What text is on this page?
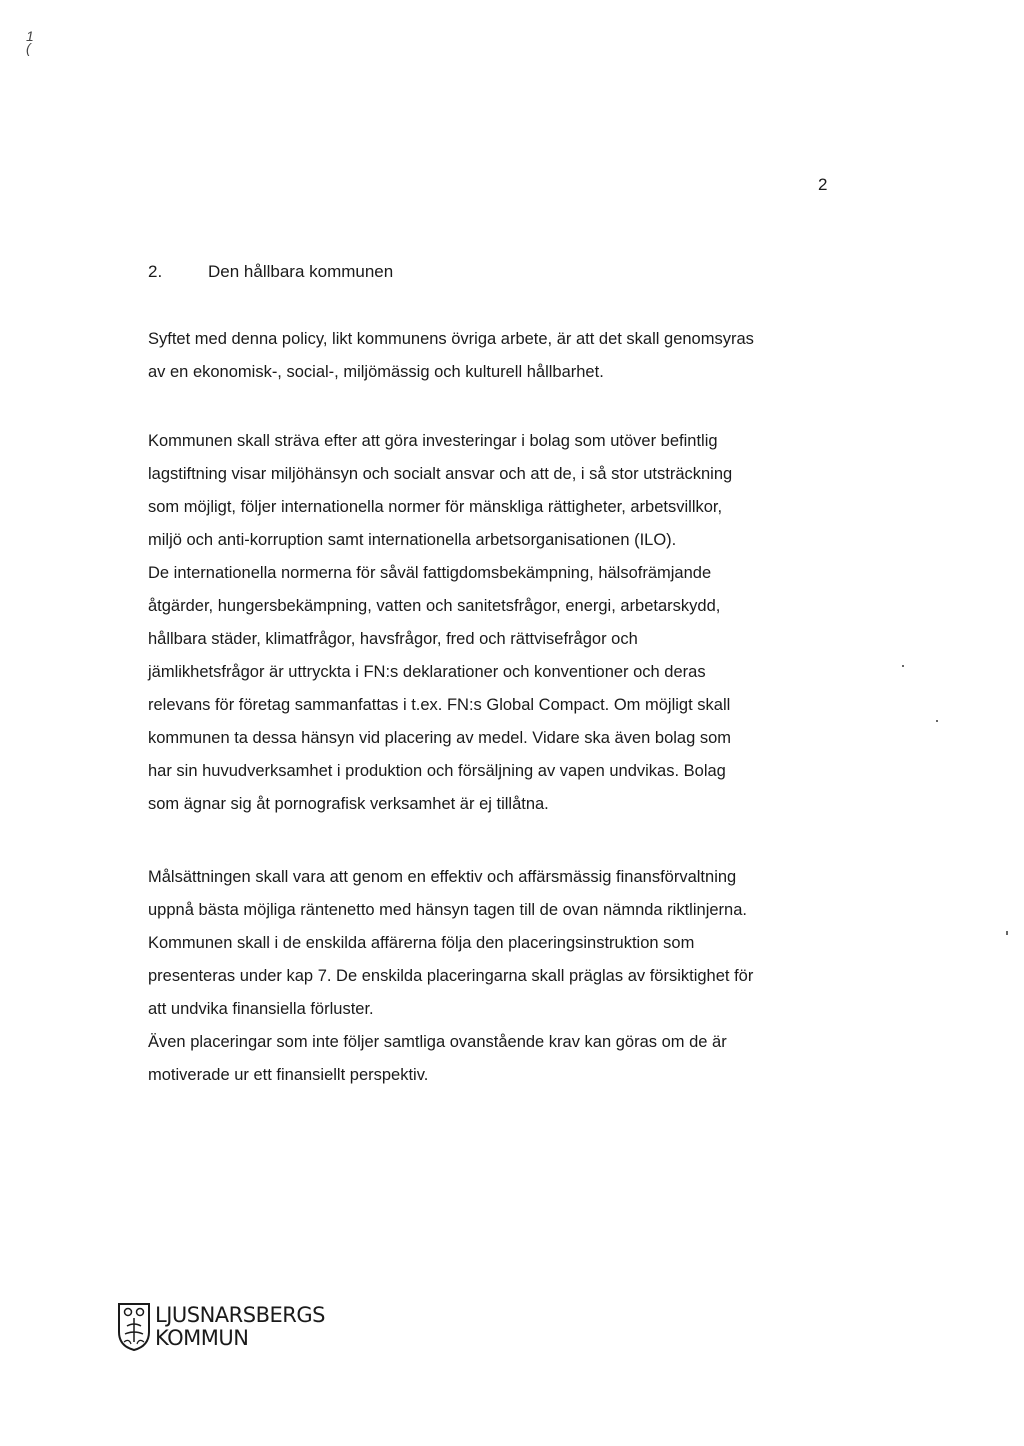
1
(
2
2.	Den hållbara kommunen
Syftet med denna policy, likt kommunens övriga arbete, är att det skall genomsyras
av en ekonomisk-, social-, miljömässig och kulturell hållbarhet.
Kommunen skall sträva efter att göra investeringar i bolag som utöver befintlig
lagstiftning visar miljöhänsyn och socialt ansvar och att de, i så stor utsträckning
som möjligt, följer internationella normer för mänskliga rättigheter, arbetsvillkor,
miljö och anti-korruption samt internationella arbetsorganisationen (ILO).
De internationella normerna för såväl fattigdomsbekämpning, hälsofrämjande
åtgärder, hungersbekämpning, vatten och sanitetsfrågor, energi, arbetarskydd,
hållbara städer, klimatfrågor, havsfrågor, fred och rättvisefrågor och
jämlikhetsfrågor är uttryckta i FN:s deklarationer och konventioner och deras
relevans för företag sammanfattas i t.ex. FN:s Global Compact. Om möjligt skall
kommunen ta dessa hänsyn vid placering av medel. Vidare ska även bolag som
har sin huvudverksamhet i produktion och försäljning av vapen undvikas. Bolag
som ägnar sig åt pornografisk verksamhet är ej tillåtna.
Målsättningen skall vara att genom en effektiv och affärsmässig finansförvaltning
uppnå bästa möjliga räntenetto med hänsyn tagen till de ovan nämnda riktlinjerna.
Kommunen skall i de enskilda affärerna följa den placeringsinstruktion som
presenteras under kap 7. De enskilda placeringarna skall präglas av försiktighet för
att undvika finansiella förluster.
Även placeringar som inte följer samtliga ovanstående krav kan göras om de är
motiverade ur ett finansiellt perspektiv.
LJUSNARSBERGS
KOMMUN
